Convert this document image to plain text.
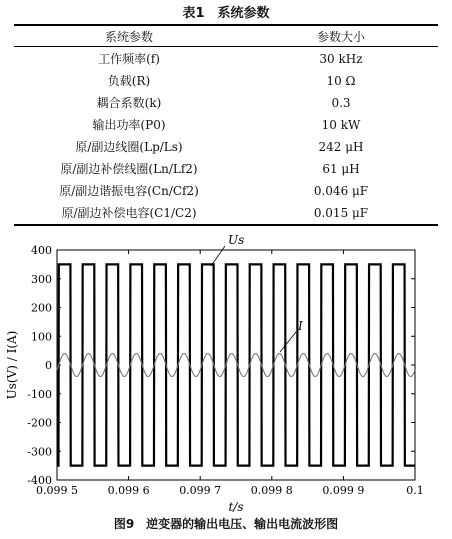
表1　系统参数
系统参数	参数大小
工作频率(f)	30 kHz
负载(R)	10 Ω
耦合系数(k)	0.3
输出功率(P0)	10 kW
原/副边线圈(Lp/Ls)	242 μH
原/副边补偿线圈(Ln/Lf2)	61 μH
原/副边谐振电容(Cn/Cf2)	0.046 μF
原/副边补偿电容(C1/C2)	0.015 μF
400
300
200
100
0
-100
-200
-300
-400
0.099 5	0.099 6	0.099 7	0.099 8	0.099 9	0.1
t/s
Us(V) / I(A)
Us
I
图9　逆变器的输出电压、输出电流波形图
